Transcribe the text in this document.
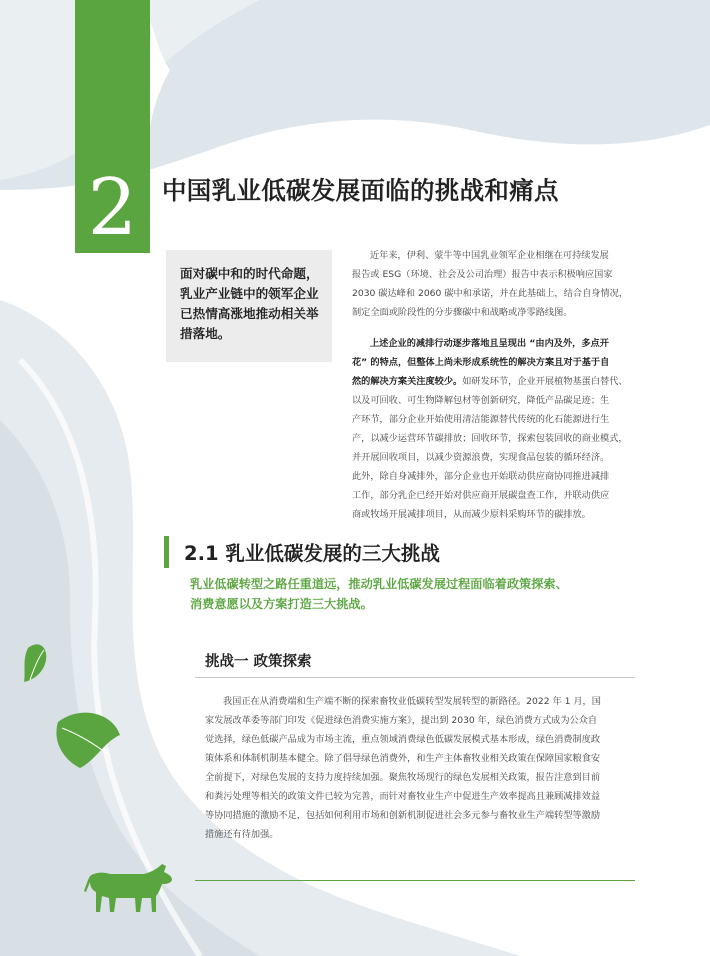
2	中国乳业低碳发展面临的挑战和痛点
面对碳中和的时代命题，
乳业产业链中的领军企业
已热情高涨地推动相关举
措落地。

近年来，伊利、蒙牛等中国乳业领军企业相继在可持续发展
报告或 ESG（环境、社会及公司治理）报告中表示积极响应国家
2030 碳达峰和 2060 碳中和承诺，并在此基础上，结合自身情况，
制定全面或阶段性的分步骤碳中和战略或净零路线图。

上述企业的减排行动逐步落地且呈现出 “由内及外，多点开
花” 的特点，但整体上尚未形成系统性的解决方案且对于基于自
然的解决方案关注度较少。如研发环节，企业开展植物基蛋白替代、
以及可回收、可生物降解包材等创新研究，降低产品碳足迹；生
产环节，部分企业开始使用清洁能源替代传统的化石能源进行生
产，以减少运营环节碳排放；回收环节，探索包装回收的商业模式，
并开展回收项目，以减少资源浪费，实现食品包装的循环经济。
此外，除自身减排外，部分企业也开始联动供应商协同推进减排
工作，部分乳企已经开始对供应商开展碳盘查工作，并联动供应
商或牧场开展减排项目，从而减少原料采购环节的碳排放。

2.1 乳业低碳发展的三大挑战

乳业低碳转型之路任重道远，推动乳业低碳发展过程面临着政策探索、
消费意愿以及方案打造三大挑战。

挑战一 政策探索

我国正在从消费端和生产端不断的探索畜牧业低碳转型发展转型的新路径。2022 年 1 月，国
家发展改革委等部门印发《促进绿色消费实施方案》，提出到 2030 年，绿色消费方式成为公众自
觉选择，绿色低碳产品成为市场主流，重点领域消费绿色低碳发展模式基本形成，绿色消费制度政
策体系和体制机制基本健全。除了倡导绿色消费外，和生产主体畜牧业相关政策在保障国家粮食安
全前提下，对绿色发展的支持力度持续加强。聚焦牧场现行的绿色发展相关政策，报告注意到目前
和粪污处理等相关的政策文件已较为完善，而针对畜牧业生产中促进生产效率提高且兼顾减排效益
等协同措施的激励不足，包括如何利用市场和创新机制促进社会多元参与畜牧业生产端转型等激励
措施还有待加强。
